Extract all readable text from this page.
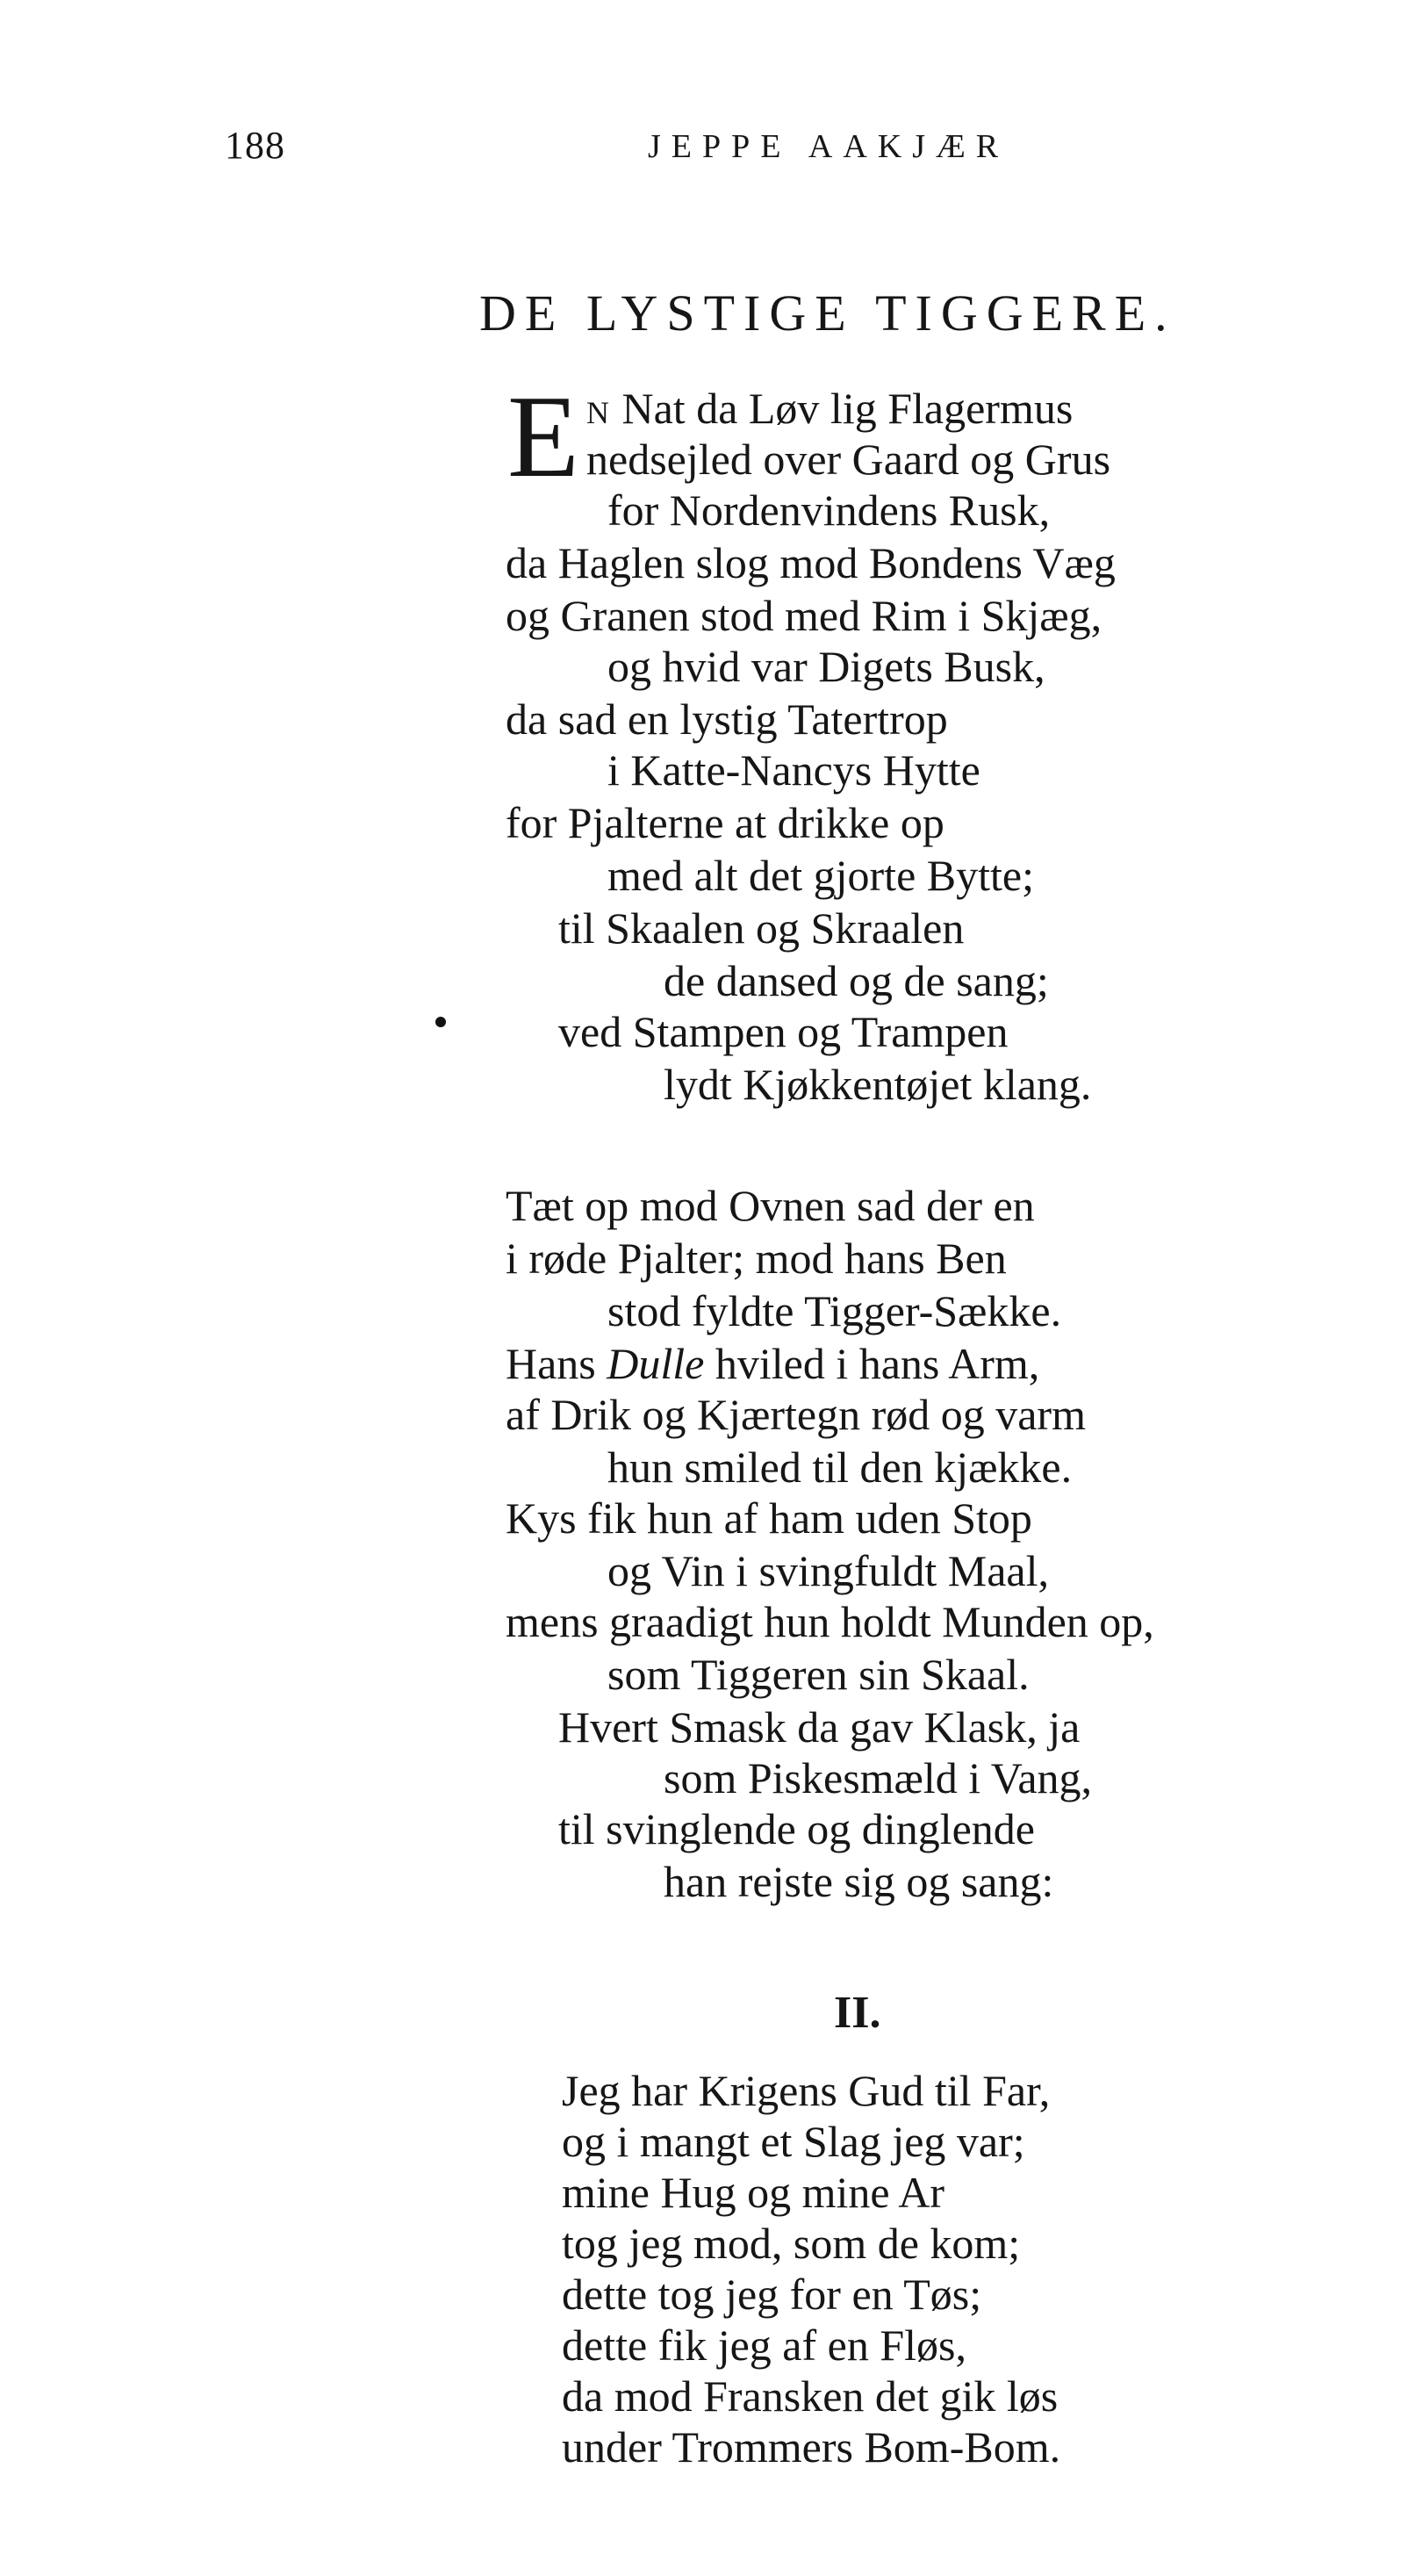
188	JEPPE AAKJÆR
DE LYSTIGE TIGGERE.
E N Nat da Løv lig Flagermus
nedsejled over Gaard og Grus
for Nordenvindens Rusk,
da Haglen slog mod Bondens Væg
og Granen stod med Rim i Skjæg,
og hvid var Digets Busk,
da sad en lystig Tatertrop
i Katte-Nancys Hytte
for Pjalterne at drikke op
med alt det gjorte Bytte;
til Skaalen og Skraalen
de dansed og de sang;
ved Stampen og Trampen
lydt Kjøkkentøjet klang.
Tæt op mod Ovnen sad der en
i røde Pjalter; mod hans Ben
stod fyldte Tigger-Sække.
Hans Dulle hviled i hans Arm,
af Drik og Kjærtegn rød og varm
hun smiled til den kjække.
Kys fik hun af ham uden Stop
og Vin i svingfuldt Maal,
mens graadigt hun holdt Munden op,
som Tiggeren sin Skaal.
Hvert Smask da gav Klask, ja
som Piskesmæld i Vang,
til svinglende og dinglende
han rejste sig og sang:
II.
Jeg har Krigens Gud til Far,
og i mangt et Slag jeg var;
mine Hug og mine Ar
tog jeg mod, som de kom;
dette tog jeg for en Tøs;
dette fik jeg af en Fløs,
da mod Fransken det gik løs
under Trommers Bom-Bom.
